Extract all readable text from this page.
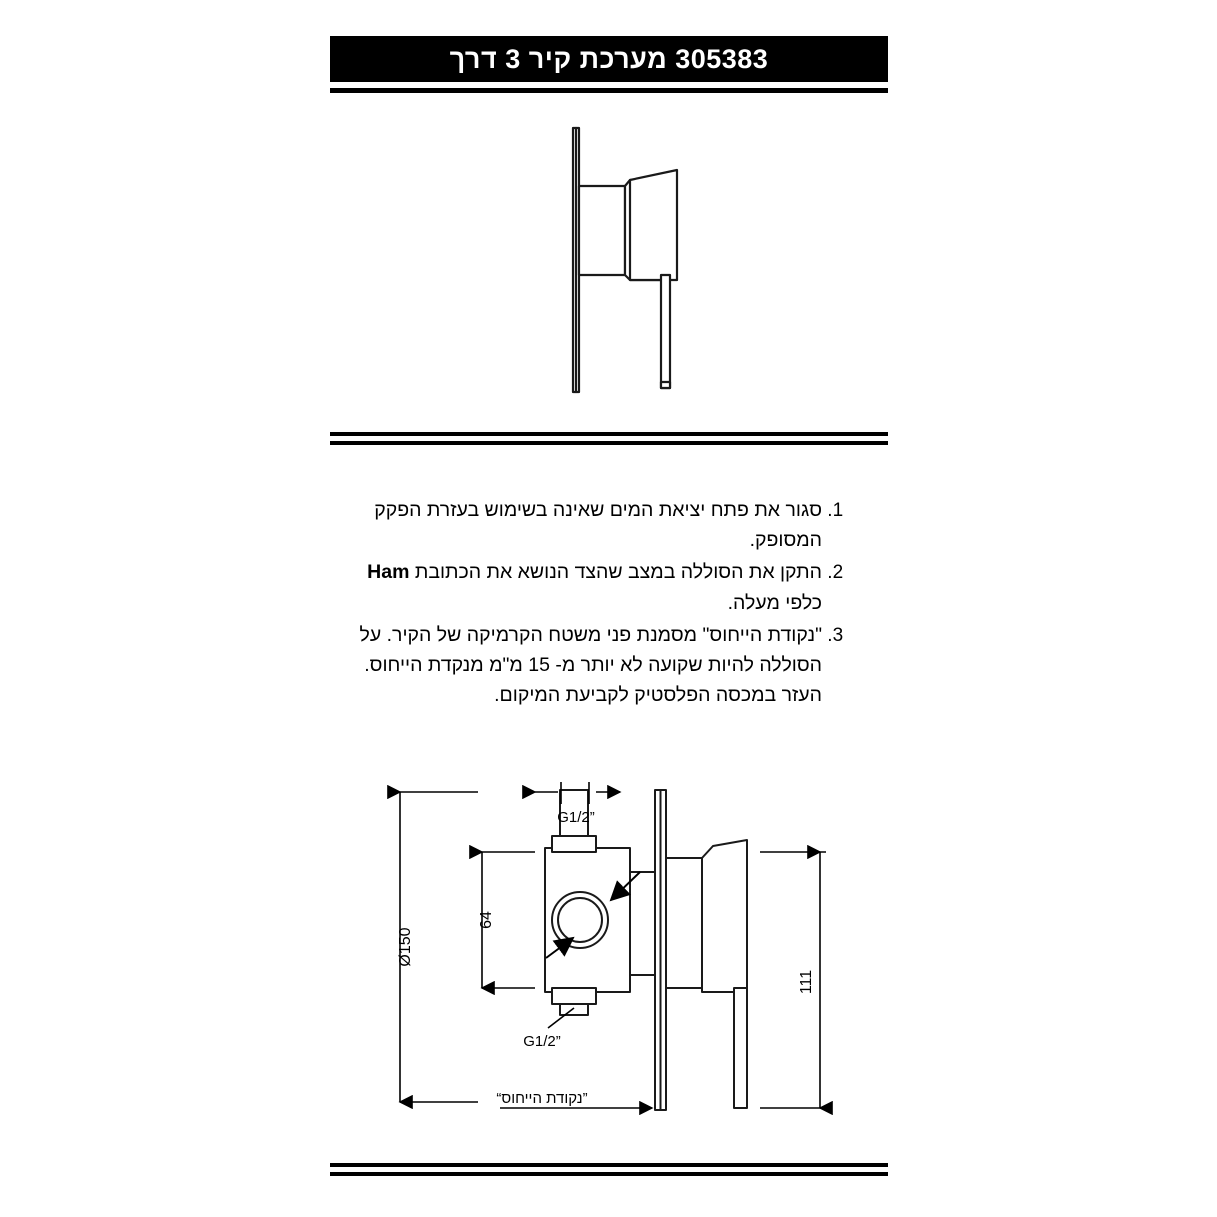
305383 מערכת קיר 3 דרך
1. סגור את פתח יציאת המים שאינה בשימוש בעזרת הפקק המסופק.
2. התקן את הסוללה במצב שהצד הנושא את הכתובת Ham כלפי מעלה.
3. "נקודת הייחוס" מסמנת פני משטח הקרמיקה של הקיר. על הסוללה להיות שקועה לא יותר מ- 15 מ"מ מנקדת הייחוס. העזר במכסה הפלסטיק לקביעת המיקום.
Ø150
64
G1/2”
G1/2”
111
”נקודת הייחוס“
